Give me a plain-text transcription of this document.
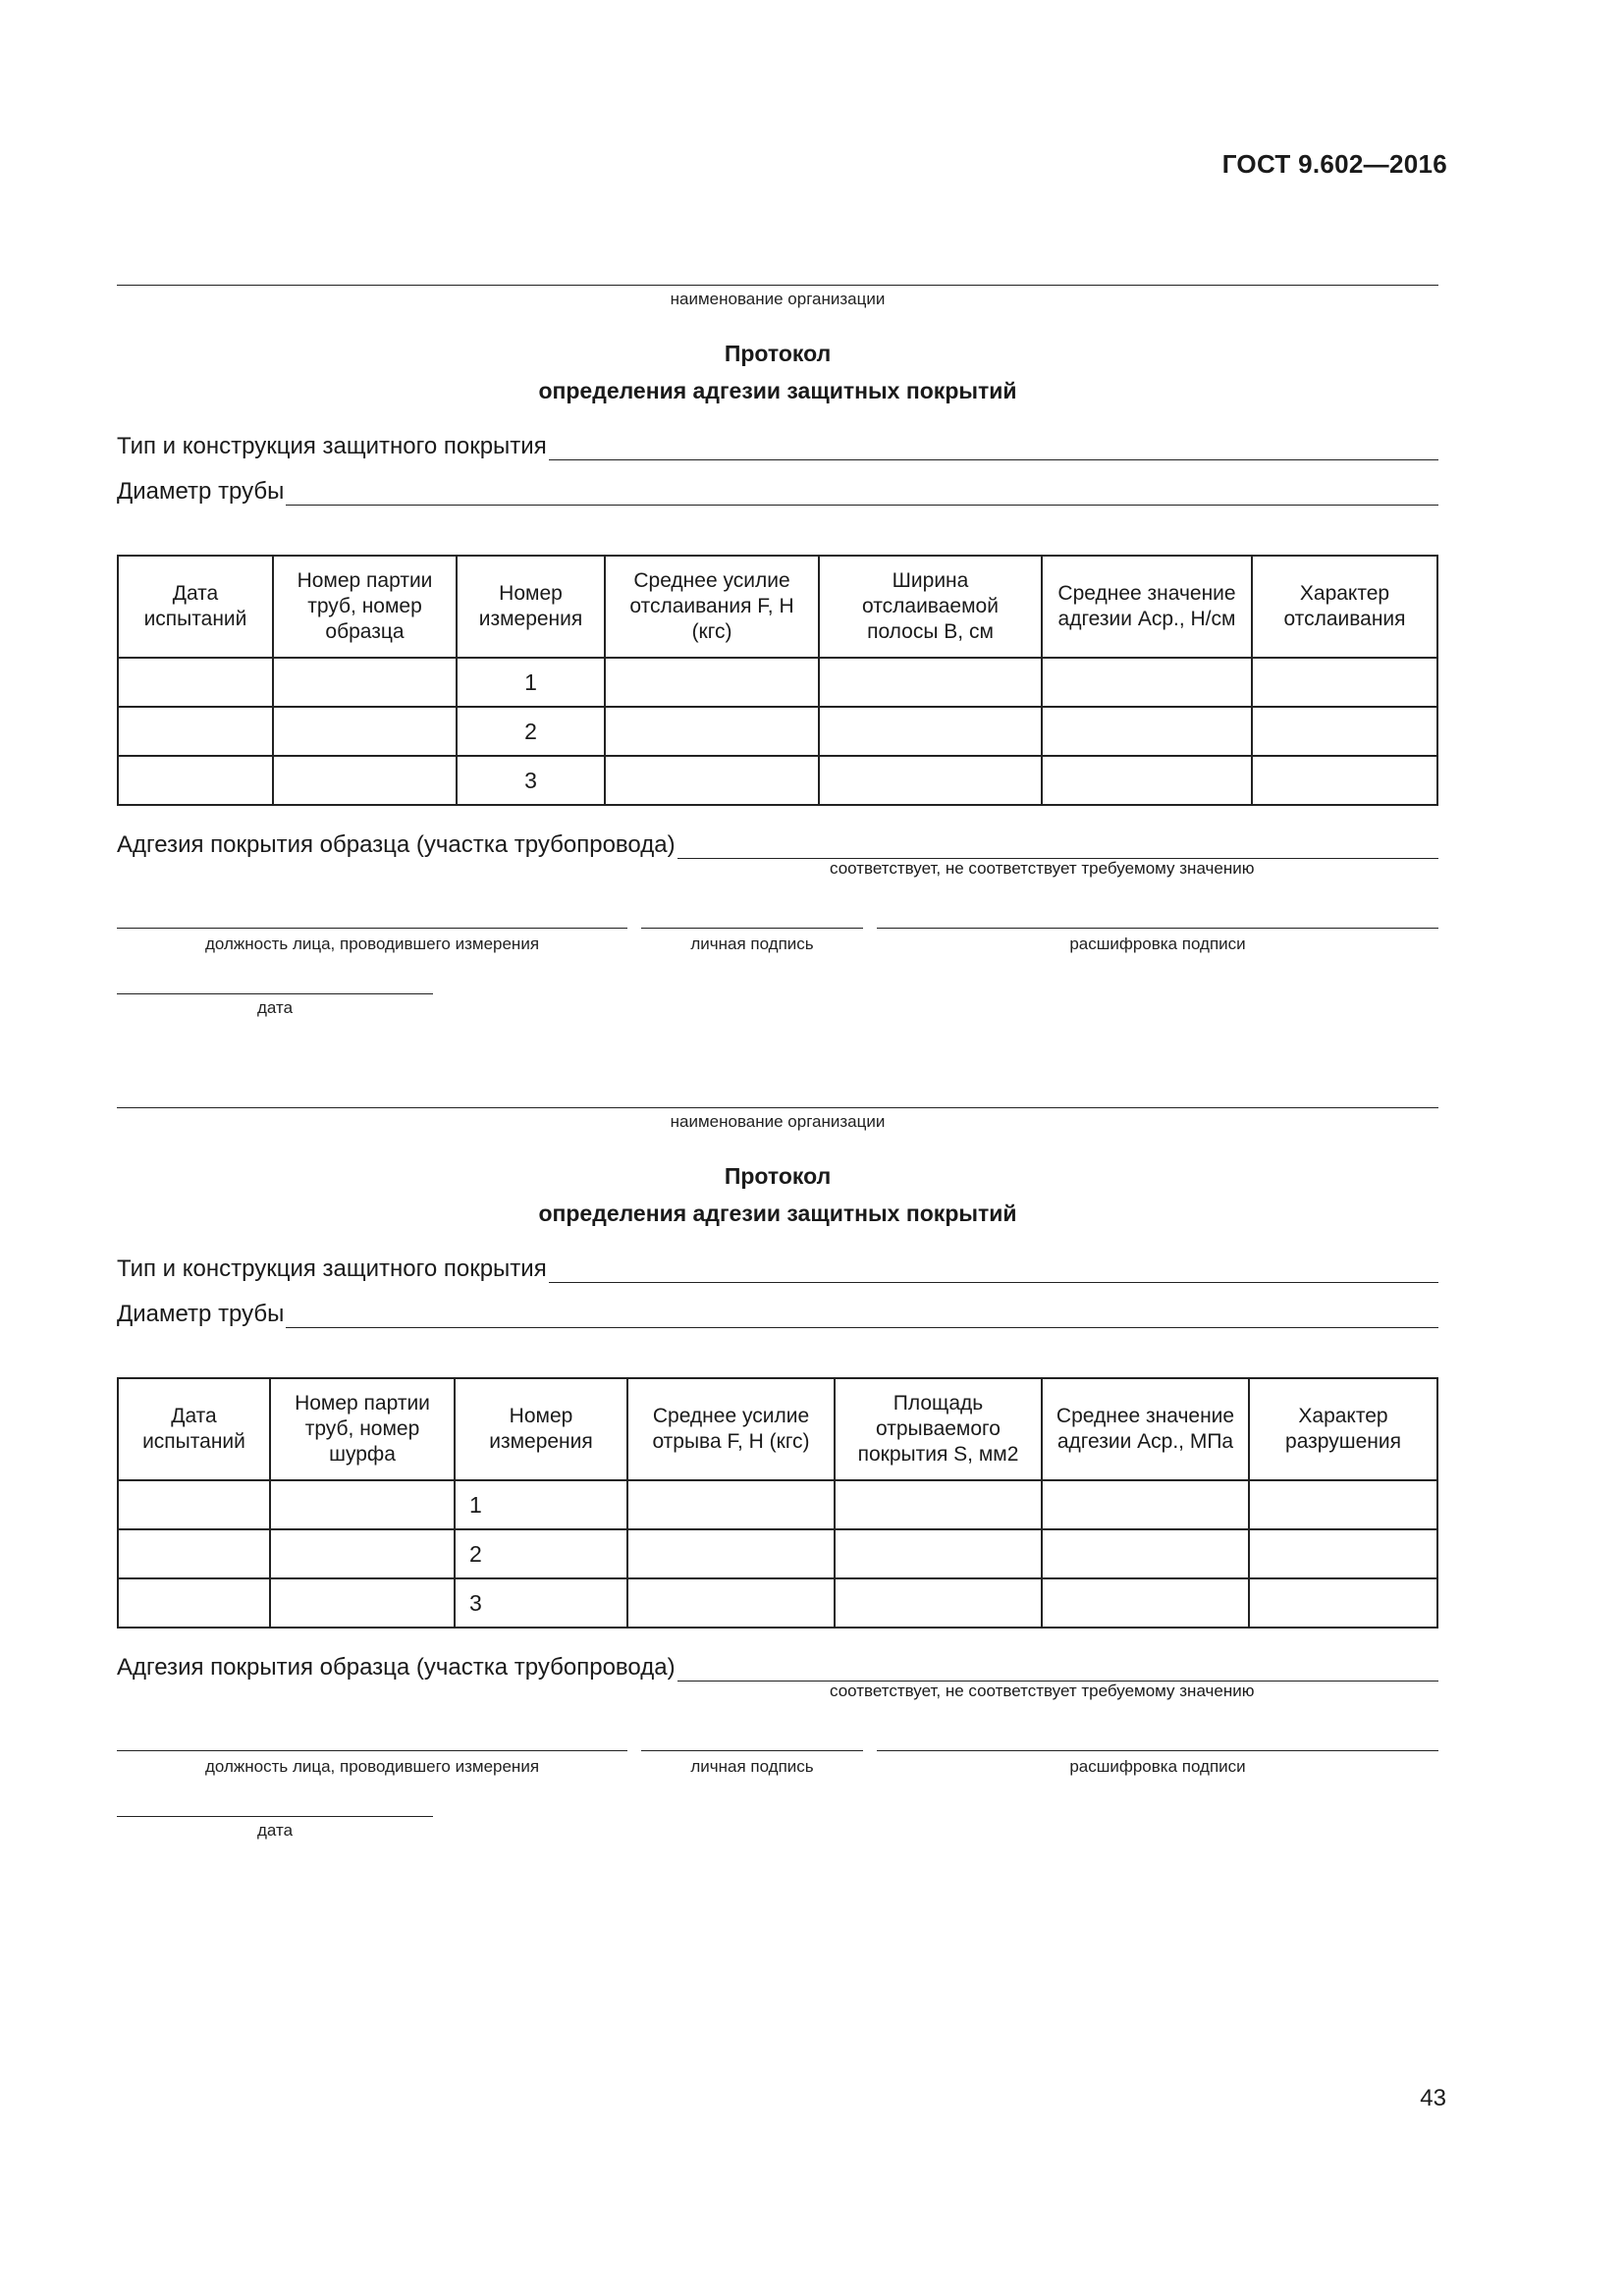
ГОСТ 9.602—2016
наименование организации
Протокол
определения адгезии защитных покрытий
Тип и конструкция защитного покрытия
Диаметр трубы
Дата испытаний	Номер партии труб, номер образца	Номер измерения	Среднее усилие отслаивания F, Н (кгс)	Ширина отслаиваемой полосы B, см	Среднее значение адгезии Aср., Н/см	Характер отслаивания
		1				
		2				
		3				
Адгезия покрытия образца (участка трубопровода)
соответствует, не соответствует требуемому значению
должность лица, проводившего измерения	личная подпись	расшифровка подписи
дата
наименование организации
Протокол
определения адгезии защитных покрытий
Тип и конструкция защитного покрытия
Диаметр трубы
Дата испытаний	Номер партии труб, номер шурфа	Номер измерения	Среднее усилие отрыва F, Н (кгс)	Площадь отрываемого покрытия S, мм2	Среднее значение адгезии Aср., МПа	Характер разрушения
		1				
		2				
		3				
Адгезия покрытия образца (участка трубопровода)
соответствует, не соответствует требуемому значению
должность лица, проводившего измерения	личная подпись	расшифровка подписи
дата
43
